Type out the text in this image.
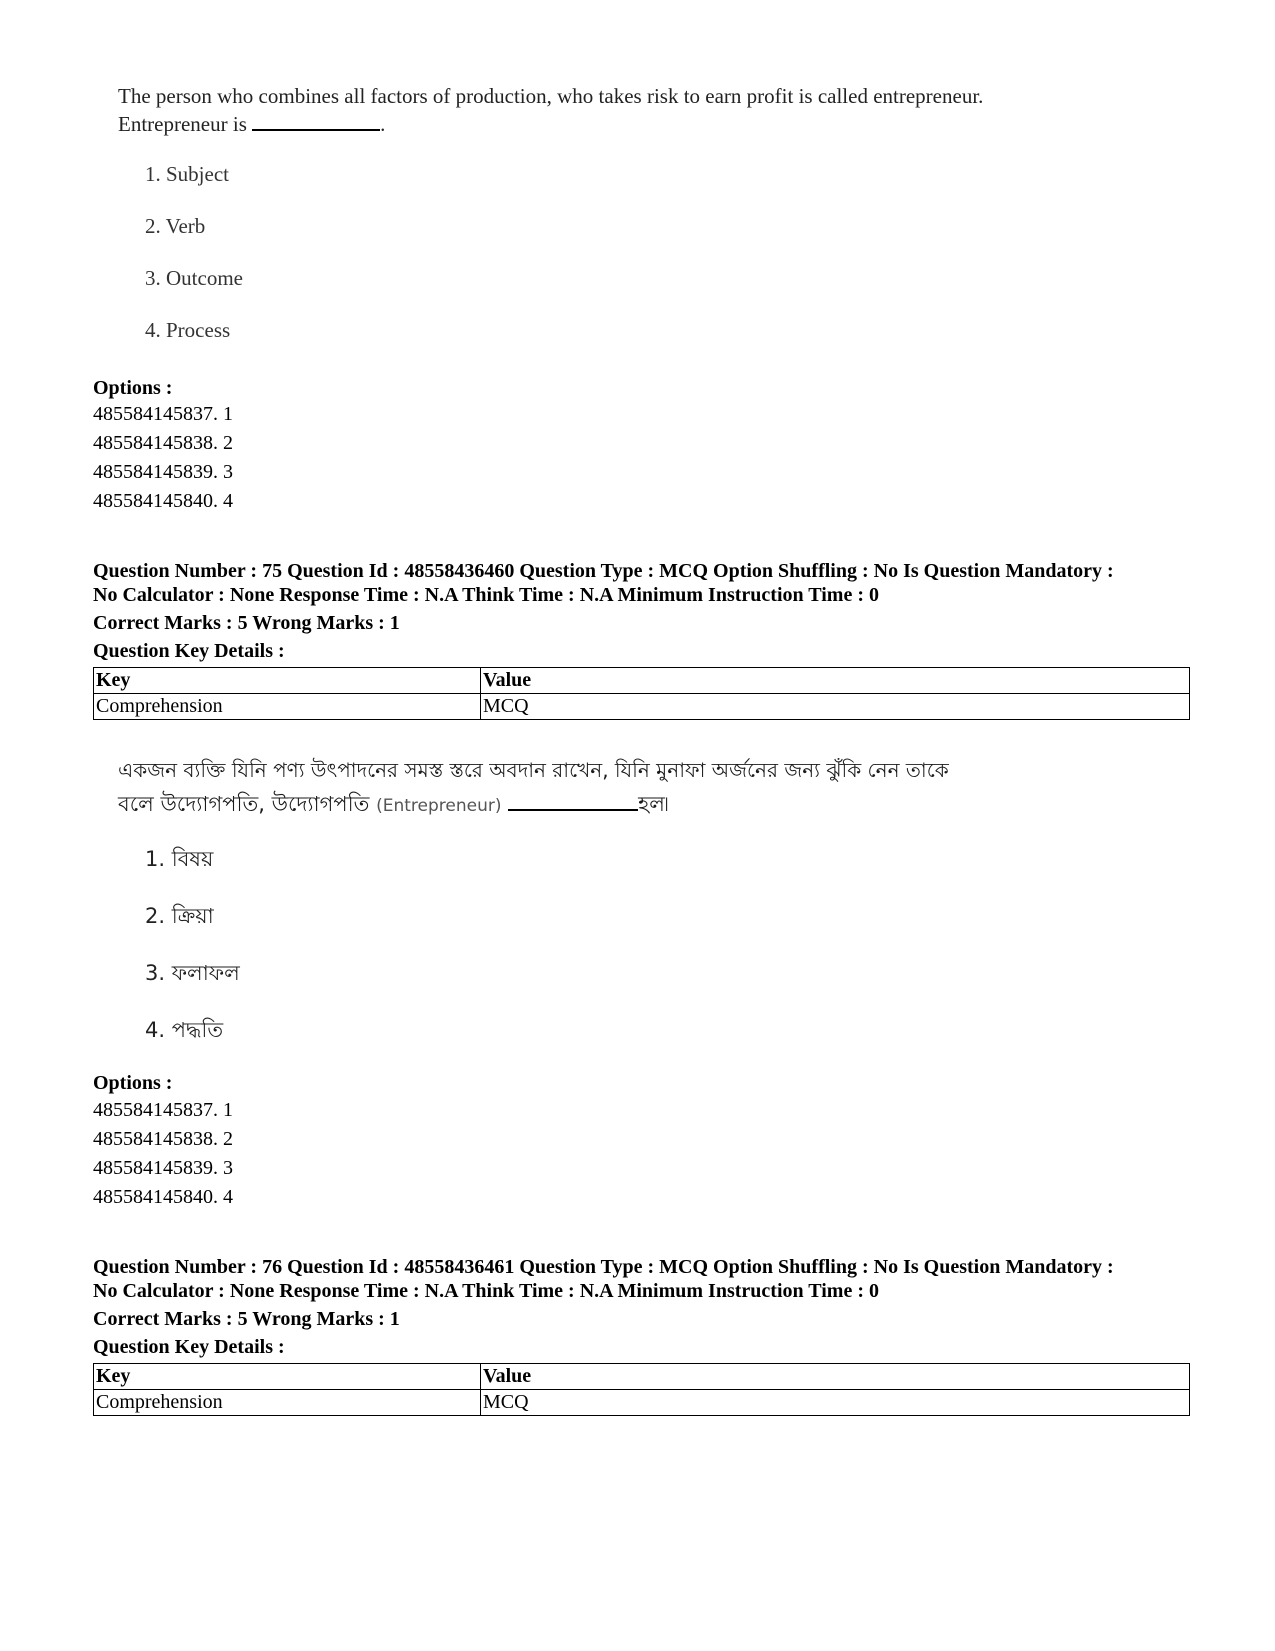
The person who combines all factors of production, who takes risk to earn profit is called entrepreneur.
Entrepreneur is	.
1. Subject
2. Verb
3. Outcome
4. Process
Options :
485584145837. 1
485584145838. 2
485584145839. 3
485584145840. 4
Question Number : 75 Question Id : 48558436460 Question Type : MCQ Option Shuffling : No Is Question Mandatory :
No Calculator : None Response Time : N.A Think Time : N.A Minimum Instruction Time : 0
Correct Marks : 5 Wrong Marks : 1
Question Key Details :
Key	Value
Comprehension	MCQ
একজন ব্যক্তি যিনি পণ্য উৎপাদনের সমস্ত স্তরে অবদান রাখেন, যিনি মুনাফা অর্জনের জন্য ঝুঁকি নেন তাকে
বলে উদ্যোগপতি, উদ্যোগপতি (Entrepreneur)	হল৷
1. বিষয়
2. ক্রিয়া
3. ফলাফল
4. পদ্ধতি
Options :
485584145837. 1
485584145838. 2
485584145839. 3
485584145840. 4
Question Number : 76 Question Id : 48558436461 Question Type : MCQ Option Shuffling : No Is Question Mandatory :
No Calculator : None Response Time : N.A Think Time : N.A Minimum Instruction Time : 0
Correct Marks : 5 Wrong Marks : 1
Question Key Details :
Key	Value
Comprehension	MCQ
